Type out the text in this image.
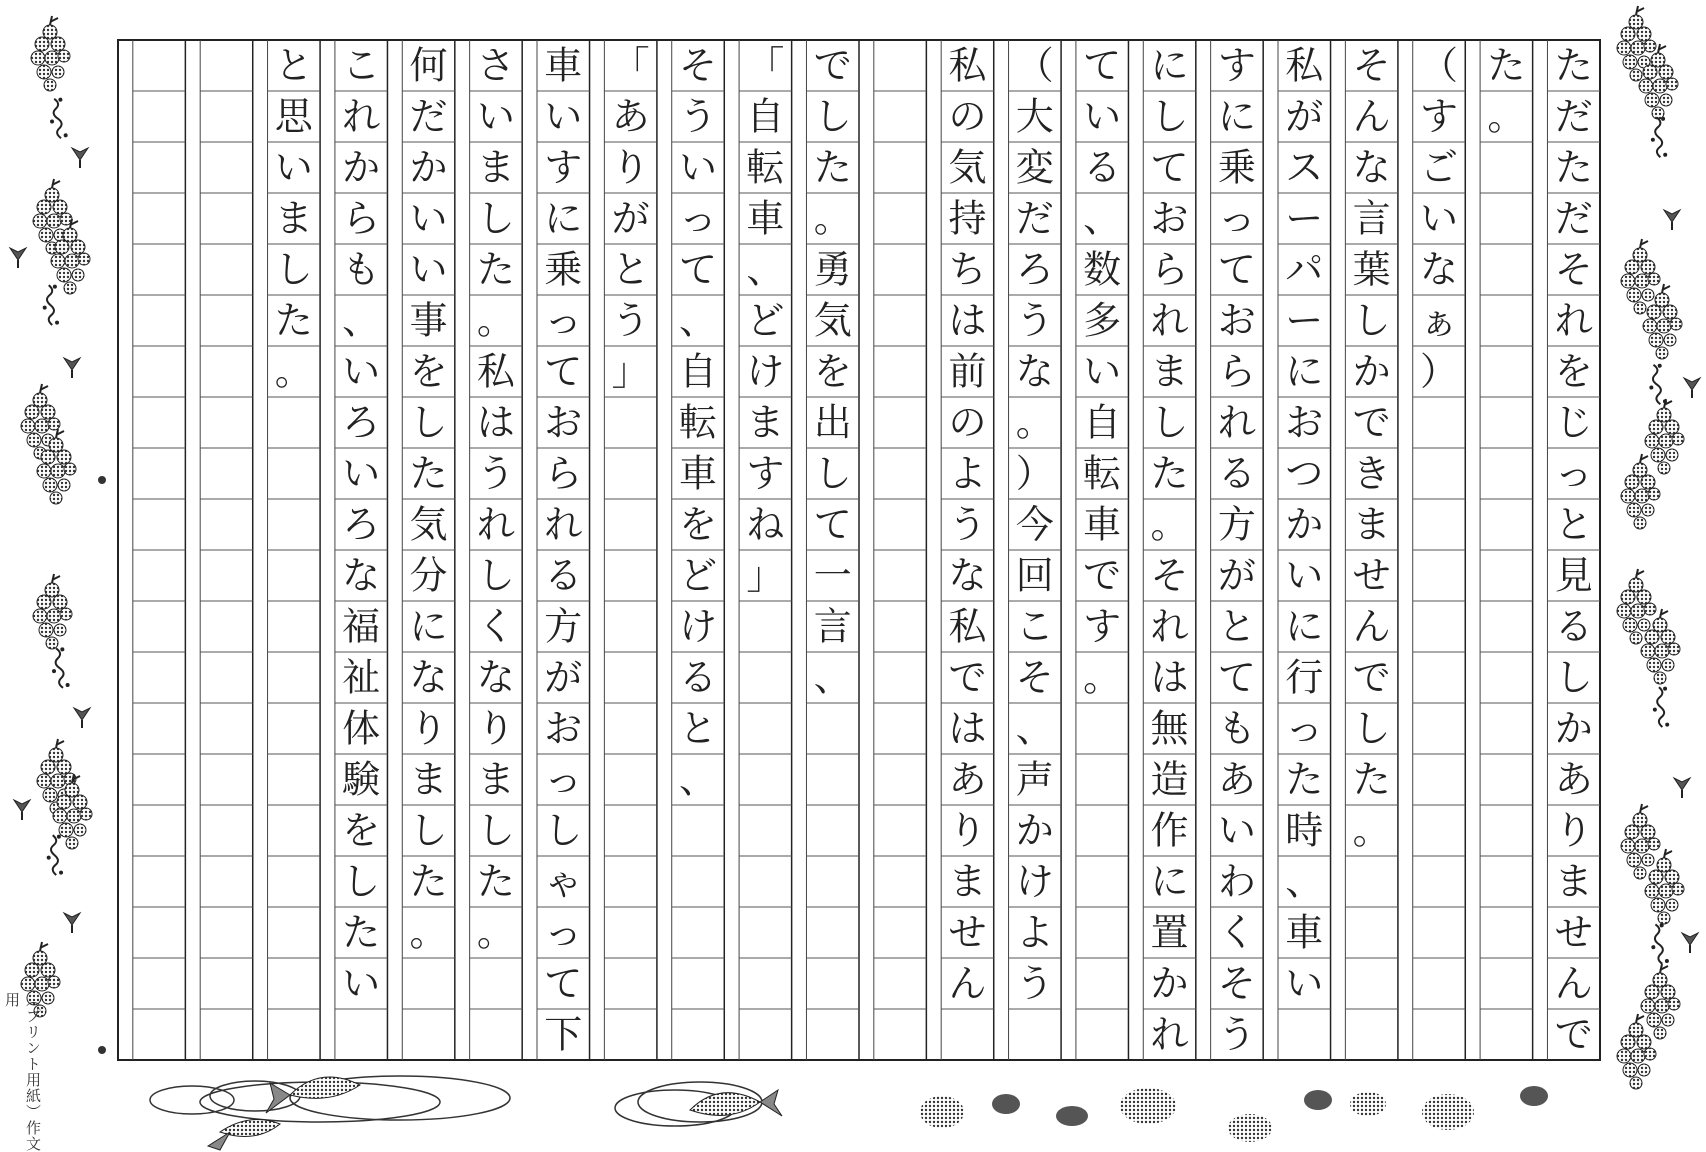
た
だ
た
だ
そ
れ
を
じ
っ
と
見
る
し
か
あ
り
ま
せ
ん
で
た
。
（
す
ご
い
な
ぁ
）
そ
ん
な
言
葉
し
か
で
き
ま
せ
ん
で
し
た
。
私
が
ス
ー
パ
ー
に
お
つ
か
い
に
行
っ
た
時
、
車
い
す
に
乗
っ
て
お
ら
れ
る
方
が
と
て
も
あ
い
わ
く
そ
う
に
し
て
お
ら
れ
ま
し
た
。
そ
れ
は
無
造
作
に
置
か
れ
て
い
る
、
数
多
い
自
転
車
で
す
。
（
大
変
だ
ろ
う
な
。
）
今
回
こ
そ
、
声
か
け
よ
う
私
の
気
持
ち
は
前
の
よ
う
な
私
で
は
あ
り
ま
せ
ん
で
し
た
。
勇
気
を
出
し
て
一
言
、
「
自
転
車
、
ど
け
ま
す
ね
」
そ
う
い
っ
て
、
自
転
車
を
ど
け
る
と
、
「
あ
り
が
と
う
」
車
い
す
に
乗
っ
て
お
ら
れ
る
方
が
お
っ
し
ゃ
っ
て
下
さ
い
ま
し
た
。
私
は
う
れ
し
く
な
り
ま
し
た
。
何
だ
か
い
い
事
を
し
た
気
分
に
な
り
ま
し
た
。
こ
れ
か
ら
も
、
い
ろ
い
ろ
な
福
祉
体
験
を
し
た
い
と
思
い
ま
し
た
。
（プリント用紙）作文用
